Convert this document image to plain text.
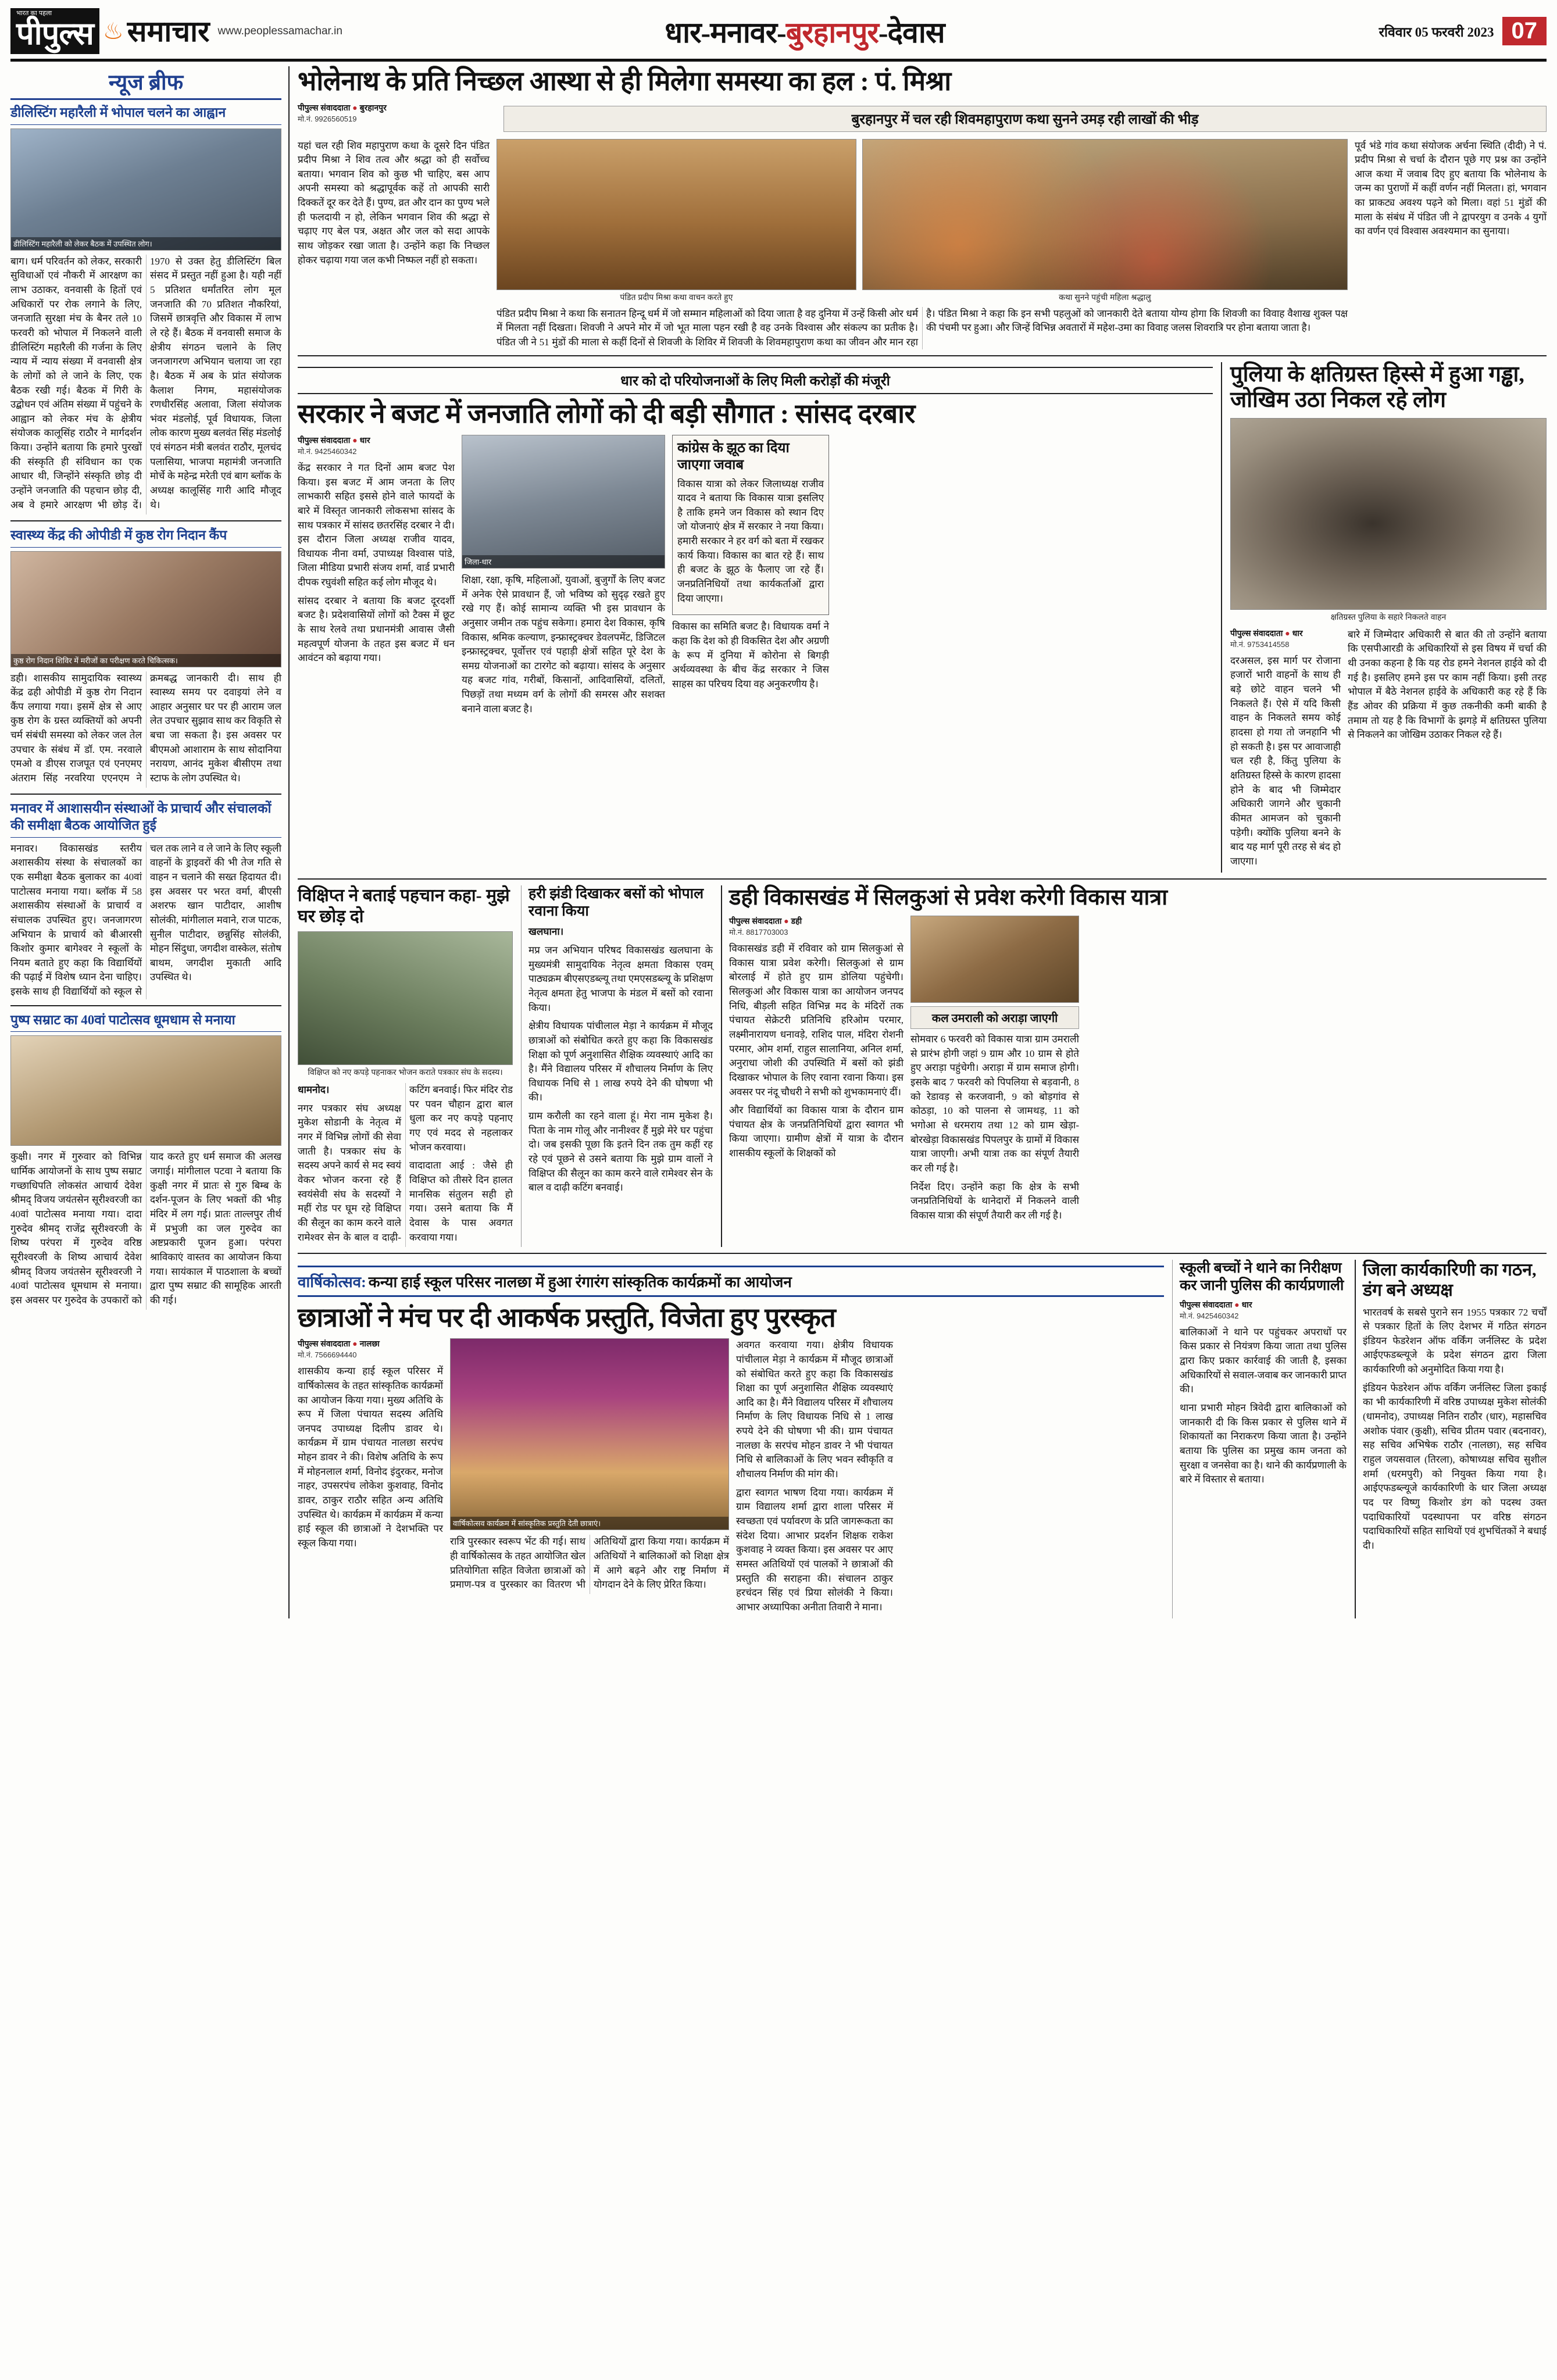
भारत का पहला
पीपुल्स ♨ समाचार www.peoplessamachar.in	धार-मनावर-बुरहानपुर-देवास	रविवार 05 फरवरी 2023 07
न्यूज ब्रीफ
डीलिस्टिंग महारैली में भोपाल चलने का आह्वान
डीलिस्टिंग महारैली को लेकर बैठक में उपस्थित लोग।

बाग। धर्म परिवर्तन को लेकर, सरकारी सुविधाओं एवं नौकरी में आरक्षण का लाभ उठाकर, वनवासी के हितों एवं अधिकारों पर रोक लगाने के लिए, जनजाति सुरक्षा मंच के बैनर तले 10 फरवरी को भोपाल में निकलने वाली डीलिस्टिंग महारैली की गर्जना के लिए न्याय में न्याय संख्या में वनवासी क्षेत्र के लोगों को ले जाने के लिए, एक बैठक रखी गई। बैठक में गिरी के उद्बोधन एवं अंतिम संख्या में पहुंचने के आह्वान को लेकर मंच के क्षेत्रीय संयोजक कालूसिंह राठौर ने मार्गदर्शन किया। उन्होंने बताया कि हमारे पुरखों की संस्कृति ही संविधान का एक आधार थी, जिन्होंने संस्कृति छोड़ दी उन्होंने जनजाति की पहचान छोड़ दी, अब वे हमारे आरक्षण भी छोड़ दें। 1970 से उक्त हेतु डीलिस्टिंग बिल संसद में प्रस्तुत नहीं हुआ है। यही नहीं 5 प्रतिशत धर्मांतरित लोग मूल जनजाति की 70 प्रतिशत नौकरियां, जिसमें छात्रवृत्ति और विकास में लाभ ले रहे हैं। बैठक में वनवासी समाज के क्षेत्रीय संगठन चलाने के लिए जनजागरण अभियान चलाया जा रहा है। बैठक में अब के प्रांत संयोजक कैलाश निगम, महासंयोजक रणधीरसिंह अलावा, जिला संयोजक भंवर मंडलोई, पूर्व विधायक, जिला लोक कारण मुख्य बलवंत सिंह मंडलोई एवं संगठन मंत्री बलवंत राठौर, मूलचंद पलासिया, भाजपा महामंत्री जनजाति मोर्चे के महेन्द्र मरेती एवं बाग ब्लॉक के अध्यक्ष कालूसिंह गारी आदि मौजूद थे।

स्वास्थ्य केंद्र की ओपीडी में कुष्ठ रोग निदान कैंप
कुष्ठ रोग निदान शिविर में मरीजों का परीक्षण करते चिकित्सक।

डही। शासकीय सामुदायिक स्वास्थ्य केंद्र ढही ओपीडी में कुष्ठ रोग निदान कैंप लगाया गया। इसमें क्षेत्र से आए कुष्ठ रोग के ग्रस्त व्यक्तियों को अपनी चर्म संबंधी समस्या को लेकर जल तेल उपचार के संबंध में डॉ. एम. नरवाले एमओ व डीएस राजपूत एवं एनएमए अंतराम सिंह नरवरिया एएनएम ने क्रमबद्ध जानकारी दी। साथ ही स्वास्थ्य समय पर दवाइयां लेने व आहार अनुसार घर पर ही आराम जल लेत उपचार सुझाव साथ कर विकृति से बचा जा सकता है। इस अवसर पर बीएमओ आशाराम के साथ सोदानिया नरायण, आनंद मुकेश बीसीएम तथा स्टाफ के लोग उपस्थित थे।

मनावर में आशासयीन संस्थाओं के प्राचार्य और संचालकों की समीक्षा बैठक आयोजित हुई

मनावर। विकासखंड स्तरीय अशासकीय संस्था के संचालकों का एक समीक्षा बैठक बुलाकर का 40वां पाटोत्सव मनाया गया। ब्लॉक में 58 अशासकीय संस्थाओं के प्राचार्य व संचालक उपस्थित हुए। जनजागरण अभियान के प्राचार्य को बीआरसी किशोर कुमार बागेश्वर ने स्कूलों के नियम बताते हुए कहा कि विद्यार्थियों की पढ़ाई में विशेष ध्यान देना चाहिए। इसके साथ ही विद्यार्थियों को स्कूल से चल तक लाने व ले जाने के लिए स्कूली वाहनों के ड्राइवरों की भी तेज गति से वाहन न चलाने की सख्त हिदायत दी। इस अवसर पर भरत वर्मा, बीएसी अशरफ खान पाटीदार, आशीष सोलंकी, मांगीलाल मवाने, राज पाटक, सुनील पाटीदार, छन्नुसिंह सोलंकी, मोहन सिंदुधा, जगदीश वास्केल, संतोष बाथम, जगदीश मुकाती आदि उपस्थित थे।

पुष्प सम्राट का 40वां पाटोत्सव धूमधाम से मनाया

कुक्षी। नगर में गुरुवार को विभिन्न धार्मिक आयोजनों के साथ पुष्प सम्राट गच्छाधिपति लोकसंत आचार्य देवेश श्रीमद् विजय जयंतसेन सूरीश्वरजी का 40वां पाटोत्सव मनाया गया। दादा गुरुदेव श्रीमद् राजेंद्र सूरीश्वरजी के शिष्य परंपरा में गुरुदेव वरिष्ठ सूरीश्वरजी के शिष्य आचार्य देवेश श्रीमद् विजय जयंतसेन सूरीश्वरजी ने 40वां पाटोत्सव धूमधाम से मनाया। इस अवसर पर गुरुदेव के उपकारों को याद करते हुए धर्म समाज की अलख जगाई। मांगीलाल पटवा ने बताया कि कुक्षी नगर में प्रातः से गुरु बिम्ब के दर्शन-पूजन के लिए भक्तों की भीड़ मंदिर में लग गई। प्रातः ताल्लपुर तीर्थ में प्रभुजी का जल गुरुदेव का अष्टप्रकारी पूजन हुआ। परंपरा श्राविकाएं वास्तव का आयोजन किया गया। सायंकाल में पाठशाला के बच्चों द्वारा पुष्प सम्राट की सामूहिक आरती की गई।

भोलेनाथ के प्रति निच्छल आस्था से ही मिलेगा समस्या का हल : पं. मिश्रा
पीपुल्स संवाददाता ● बुरहानपुर
मो.नं. 9926560519	बुरहानपुर में चल रही शिवमहापुराण कथा सुनने उमड़ रही लाखों की भीड़

यहां चल रही शिव महापुराण कथा के दूसरे दिन पंडित प्रदीप मिश्रा ने शिव तत्व और श्रद्धा को ही सर्वोच्च बताया। भगवान शिव को कुछ भी चाहिए, बस आप अपनी समस्या को श्रद्धापूर्वक कहें तो आपकी सारी दिक्कतें दूर कर देते हैं। पुण्य, व्रत और दान का पुण्य भले ही फलदायी न हो, लेकिन भगवान शिव की श्रद्धा से चढ़ाए गए बेल पत्र, अक्षत और जल को सदा आपके साथ जोड़कर रखा जाता है। उन्होंने कहा कि निच्छल होकर चढ़ाया गया जल कभी निष्फल नहीं हो सकता।

पंडित प्रदीप मिश्रा कथा वाचन करते हुए	कथा सुनने पहुंची महिला श्रद्धालु

पूर्व भंडे गांव कथा संयोजक अर्चना स्थिति (दीदी) ने पं. प्रदीप मिश्रा से चर्चा के दौरान पूछे गए प्रश्न का उन्होंने आज कथा में जवाब दिए हुए बताया कि भोलेनाथ के जन्म का पुराणों में कहीं वर्णन नहीं मिलता। हां, भगवान का प्राकट्य अवश्य पढ़ने को मिला। वहां 51 मुंडों की माला के संबंध में पंडित जी ने द्वापरयुग व उनके 4 युगों का वर्णन एवं विश्वास अवश्यमान का सुनाया।

पंडित प्रदीप मिश्रा ने कथा कि सनातन हिन्दू धर्म में जो सम्मान महिलाओं को दिया जाता है वह दुनिया में उन्हें किसी ओर धर्म में मिलता नहीं दिखता। शिवजी ने अपने मोर में जो भूत माला पहन रखी है वह उनके विश्वास और संकल्प का प्रतीक है। पंडित जी ने 51 मुंडों की माला से कहीं दिनों से शिवजी के शिविर में शिवजी के शिवमहापुराण कथा का जीवन और मान रहा है। पंडित मिश्रा ने कहा कि इन सभी पहलुओं को जानकारी देते बताया योग्य होगा कि शिवजी का विवाह वैशाख शुक्ल पक्ष की पंचमी पर हुआ। और जिन्हें विभिन्न अवतारों में महेश-उमा का विवाह जलस शिवरात्रि पर होना बताया जाता है।

धार को दो परियोजनाओं के लिए मिली करोड़ों की मंजूरी
सरकार ने बजट में जनजाति लोगों को दी बड़ी सौगात : सांसद दरबार
पीपुल्स संवाददाता ● धार
मो.नं. 9425460342

केंद्र सरकार ने गत दिनों आम बजट पेश किया। इस बजट में आम जनता के लिए लाभकारी सहित इससे होने वाले फायदों के बारे में विस्तृत जानकारी लोकसभा सांसद के साथ पत्रकार में सांसद छतरसिंह दरबार ने दी। इस दौरान जिला अध्यक्ष राजीव यादव, विधायक नीना वर्मा, उपाध्यक्ष विश्वास पांडे, जिला मीडिया प्रभारी संजय शर्मा, वार्ड प्रभारी दीपक रघुवंशी सहित कई लोग मौजूद थे।

सांसद दरबार ने बताया कि बजट दूरदर्शी बजट है। प्रदेशवासियों लोगों को टैक्स में छूट के साथ रेलवे तथा प्रधानमंत्री आवास जैसी महत्वपूर्ण योजना के तहत इस बजट में धन आवंटन को बढ़ाया गया।

जिला-धार

शिक्षा, रक्षा, कृषि, महिलाओं, युवाओं, बुजुर्गों के लिए बजट में अनेक ऐसे प्रावधान हैं, जो भविष्य को सुदृढ़ रखते हुए रखे गए हैं। कोई सामान्य व्यक्ति भी इस प्रावधान के अनुसार जमीन तक पहुंच सकेगा। हमारा देश विकास, कृषि विकास, श्रमिक कल्याण, इन्फ्रास्ट्रक्चर डेवलपमेंट, डिजिटल इन्फ्रास्ट्रक्चर, पूर्वोत्तर एवं पहाड़ी क्षेत्रों सहित पूरे देश के समग्र योजनाओं का टारगेट को बढ़ाया। सांसद के अनुसार यह बजट गांव, गरीबों, किसानों, आदिवासियों, दलितों, पिछड़ों तथा मध्यम वर्ग के लोगों की समरस और सशक्त बनाने वाला बजट है।

कांग्रेस के झूठ का दिया जाएगा जवाब

विकास यात्रा को लेकर जिलाध्यक्ष राजीव यादव ने बताया कि विकास यात्रा इसलिए है ताकि हमने जन विकास को स्थान दिए जो योजनाएं क्षेत्र में सरकार ने नया किया। हमारी सरकार ने हर वर्ग को बता में रखकर कार्य किया। विकास का बात रहे हैं। साथ ही बजट के झूठ के फैलाए जा रहे हैं। जनप्रतिनिधियों तथा कार्यकर्ताओं द्वारा दिया जाएगा।

विकास का समिति बजट है। विधायक वर्मा ने कहा कि देश को ही विकसित देश और अग्रणी के रूप में दुनिया में कोरोना से बिगड़ी अर्थव्यवस्था के बीच केंद्र सरकार ने जिस साहस का परिचय दिया वह अनुकरणीय है।

पुलिया के क्षतिग्रस्त हिस्से में हुआ गड्ढा, जोखिम उठा निकल रहे लोग
क्षतिग्रस्त पुलिया के सहारे निकलते वाहन
पीपुल्स संवाददाता ● धार
मो.नं. 9753414558

दरअसल, इस मार्ग पर रोजाना हजारों भारी वाहनों के साथ ही बड़े छोटे वाहन चलने भी निकलते हैं। ऐसे में यदि किसी वाहन के निकलते समय कोई हादसा हो गया तो जनहानि भी हो सकती है। इस पर आवाजाही चल रही है, किंतु पुलिया के क्षतिग्रस्त हिस्से के कारण हादसा होने के बाद भी जिम्मेदार अधिकारी जागने और चुकानी कीमत आमजन को चुकानी पड़ेगी। क्योंकि पुलिया बनने के बाद यह मार्ग पूरी तरह से बंद हो जाएगा।

बारे में जिम्मेदार अधिकारी से बात की तो उन्होंने बताया कि एसपीआरडी के अधिकारियों से इस विषय में चर्चा की थी उनका कहना है कि यह रोड हमने नेशनल हाईवे को दी गई है। इसलिए हमने इस पर काम नहीं किया। इसी तरह भोपाल में बैठे नेशनल हाईवे के अधिकारी कह रहे हैं कि हैंड ओवर की प्रक्रिया में कुछ तकनीकी कमी बाकी है तमाम तो यह है कि विभागों के झगड़े में क्षतिग्रस्त पुलिया से निकलने का जोखिम उठाकर निकल रहे हैं।

विक्षिप्त ने बताई पहचान कहा- मुझे घर छोड़ दो
विक्षिप्त को नए कपड़े पहनाकर भोजन कराते पत्रकार संघ के सदस्य।

धामनोद।

नगर पत्रकार संघ अध्यक्ष मुकेश सोडानी के नेतृत्व में नगर में विभिन्न लोगों की सेवा जाती है। पत्रकार संघ के सदस्य अपने कार्य से मद स्वयं वेकर भोजन करना रहे हैं स्वयंसेवी संघ के सदस्यों ने महीं रोड पर घूम रहे विक्षिप्त की सैलून का काम करने वाले रामेश्वर सेन के बाल व दाढ़ी-कटिंग बनवाई। फिर मंदिर रोड पर पवन चौहान द्वारा बाल धुला कर नए कपड़े पहनाए गए एवं मदद से नहलाकर भोजन करवाया।

वादादाता आई : जैसे ही विक्षिप्त को तीसरे दिन हालत मानसिक संतुलन सही हो गया। उसने बताया कि मैं देवास के पास अवगत करवाया गया।

हरी झंडी दिखाकर बसों को भोपाल रवाना किया

खलघाना।

मप्र जन अभियान परिषद विकासखंड खलघाना के मुख्यमंत्री सामुदायिक नेतृत्व क्षमता विकास एवम् पाठ्यक्रम बीएसएडब्ल्यू तथा एमएसडब्ल्यू के प्रशिक्षण नेतृत्व क्षमता हेतु भाजपा के मंडल में बसों को रवाना किया।

क्षेत्रीय विधायक पांचीलाल मेड़ा ने कार्यक्रम में मौजूद छात्राओं को संबोधित करते हुए कहा कि विकासखंड शिक्षा को पूर्ण अनुशासित शैक्षिक व्यवस्थाएं आदि का है। मैंने विद्यालय परिसर में शौचालय निर्माण के लिए विधायक निधि से 1 लाख रुपये देने की घोषणा भी की।

ग्राम करौली का रहने वाला हूं। मेरा नाम मुकेश है। पिता के नाम गोलू और नानीश्वर हैं मुझे मेरे घर पहुंचा दो। जब इसकी पूछा कि इतने दिन तक तुम कहीं रह रहे एवं पूछने से उसने बताया कि मुझे ग्राम वालों ने विक्षिप्त की सैलून का काम करने वाले रामेश्वर सेन के बाल व दाढ़ी कटिंग बनवाई।

डही विकासखंड में सिलकुआं से प्रवेश करेगी विकास यात्रा
पीपुल्स संवाददाता ● डही
मो.नं. 8817703003

विकासखंड डही में रविवार को ग्राम सिलकुआं से विकास यात्रा प्रवेश करेगी। सिलकुआं से ग्राम बोरलाई में होते हुए ग्राम डोलिया पहुंचेगी। सिलकुआं और विकास यात्रा का आयोजन जनपद निधि, बीड़ली सहित विभिन्न मद के मंदिरों तक पंचायत सेक्रेटरी प्रतिनिधि हरिओम परमार, लक्ष्मीनारायण धनावड़े, राशिद पाल, मंदिरा रोशनी परमार, ओम शर्मा, राहुल सालानिया, अनिल शर्मा, अनुराधा जोशी की उपस्थिति में बसों को झंडी दिखाकर भोपाल के लिए रवाना रवाना किया। इस अवसर पर नंदू चौधरी ने सभी को शुभकामनाएं दीं।

और विद्यार्थियों का विकास यात्रा के दौरान ग्राम पंचायत क्षेत्र के जनप्रतिनिधियों द्वारा स्वागत भी किया जाएगा। ग्रामीण क्षेत्रों में यात्रा के दौरान शासकीय स्कूलों के शिक्षकों को

कल उमराली को अराड़ा जाएगी

सोमवार 6 फरवरी को विकास यात्रा ग्राम उमराली से प्रारंभ होगी जहां 9 ग्राम और 10 ग्राम से होते हुए अराड़ा पहुंचेगी। अराड़ा में ग्राम समाज होगी। इसके बाद 7 फरवरी को पिपलिया से बड़वानी, 8 को रेडावड़ से करजवानी, 9 को बोड़गांव से कोठड़ा, 10 को पालना से जामथड़, 11 को भगोआ से धरमराय तथा 12 को ग्राम खेड़ा-बोरखेड़ा विकासखंड पिपलपुर के ग्रामों में विकास यात्रा जाएगी। अभी यात्रा तक का संपूर्ण तैयारी कर ली गई है।

निर्देश दिए। उन्होंने कहा कि क्षेत्र के सभी जनप्रतिनिधियों के थानेदारों में निकलने वाली विकास यात्रा की संपूर्ण तैयारी कर ली गई है।

वार्षिकोत्सव: कन्या हाई स्कूल परिसर नालछा में हुआ रंगारंग सांस्कृतिक कार्यक्रमों का आयोजन
छात्राओं ने मंच पर दी आकर्षक प्रस्तुति, विजेता हुए पुरस्कृत
पीपुल्स संवाददाता ● नालछा
मो.नं. 7566694440

शासकीय कन्या हाई स्कूल परिसर में वार्षिकोत्सव के तहत सांस्कृतिक कार्यक्रमों का आयोजन किया गया। मुख्य अतिथि के रूप में जिला पंचायत सदस्य अतिथि जनपद उपाध्यक्ष दिलीप डावर थे। कार्यक्रम में ग्राम पंचायत नालछा सरपंच मोहन डावर ने की। विशेष अतिथि के रूप में मोहनलाल शर्मा, विनोद इंदुरकर, मनोज नाहर, उपसरपंच लोकेश कुशवाह, विनोद डावर, ठाकुर राठौर सहित अन्य अतिथि उपस्थित थे। कार्यक्रम में कार्यक्रम में कन्या हाई स्कूल की छात्राओं ने देशभक्ति पर स्कूल किया गया।

वार्षिकोत्सव कार्यक्रम में सांस्कृतिक प्रस्तुति देती छात्राएं।

रात्रि पुरस्कार स्वरूप भेंट की गई। साथ ही वार्षिकोत्सव के तहत आयोजित खेल प्रतियोगिता सहित विजेता छात्राओं को प्रमाण-पत्र व पुरस्कार का वितरण भी अतिथियों द्वारा किया गया। कार्यक्रम में अतिथियों ने बालिकाओं को शिक्षा क्षेत्र में आगे बढ़ने और राष्ट्र निर्माण में योगदान देने के लिए प्रेरित किया।

अवगत करवाया गया। क्षेत्रीय विधायक पांचीलाल मेड़ा ने कार्यक्रम में मौजूद छात्राओं को संबोधित करते हुए कहा कि विकासखंड शिक्षा का पूर्ण अनुशासित शैक्षिक व्यवस्थाएं आदि का है। मैंने विद्यालय परिसर में शौचालय निर्माण के लिए विधायक निधि से 1 लाख रुपये देने की घोषणा भी की। ग्राम पंचायत नालछा के सरपंच मोहन डावर ने भी पंचायत निधि से बालिकाओं के लिए भवन स्वीकृति व शौचालय निर्माण की मांग की।

द्वारा स्वागत भाषण दिया गया। कार्यक्रम में ग्राम विद्यालय शर्मा द्वारा शाला परिसर में स्वच्छता एवं पर्यावरण के प्रति जागरूकता का संदेश दिया। आभार प्रदर्शन शिक्षक राकेश कुशवाह ने व्यक्त किया। इस अवसर पर आए समस्त अतिथियों एवं पालकों ने छात्राओं की प्रस्तुति की सराहना की। संचालन ठाकुर हरचंदन सिंह एवं प्रिया सोलंकी ने किया। आभार अध्यापिका अनीता तिवारी ने माना।

स्कूली बच्चों ने थाने का निरीक्षण कर जानी पुलिस की कार्यप्रणाली
पीपुल्स संवाददाता ● धार
मो.नं. 9425460342

बालिकाओं ने थाने पर पहुंचकर अपराधों पर किस प्रकार से नियंत्रण किया जाता तथा पुलिस द्वारा किए प्रकार कार्रवाई की जाती है, इसका अधिकारियों से सवाल-जवाब कर जानकारी प्राप्त की।

थाना प्रभारी मोहन त्रिवेदी द्वारा बालिकाओं को जानकारी दी कि किस प्रकार से पुलिस थाने में शिकायतों का निराकरण किया जाता है। उन्होंने बताया कि पुलिस का प्रमुख काम जनता को सुरक्षा व जनसेवा का है। थाने की कार्यप्रणाली के बारे में विस्तार से बताया।

जिला कार्यकारिणी का गठन, डंग बने अध्यक्ष

भारतवर्ष के सबसे पुराने सन 1955 पत्रकार 72 चर्चों से पत्रकार हितों के लिए देशभर में गठित संगठन इंडियन फेडरेशन ऑफ वर्किंग जर्नलिस्ट के प्रदेश आईएफडब्ल्यूजे के प्रदेश संगठन द्वारा जिला कार्यकारिणी को अनुमोदित किया गया है।

इंडियन फेडरेशन ऑफ वर्किंग जर्नलिस्ट जिला इकाई का भी कार्यकारिणी में वरिष्ठ उपाध्यक्ष मुकेश सोलंकी (धामनोद), उपाध्यक्ष नितिन राठौर (धार), महासचिव अशोक पंवार (कुक्षी), सचिव प्रीतम पवार (बदनावर), सह सचिव अभिषेक राठौर (नालछा), सह सचिव राहुल जयसवाल (तिरला), कोषाध्यक्ष सचिव सुशील शर्मा (धरमपुरी) को नियुक्त किया गया है। आईएफडब्ल्यूजे कार्यकारिणी के धार जिला अध्यक्ष पद पर विष्णु किशोर डंग को पदस्थ उक्त पदाधिकारियों पदस्थापना पर वरिष्ठ संगठन पदाधिकारियों सहित साथियों एवं शुभचिंतकों ने बधाई दी।
